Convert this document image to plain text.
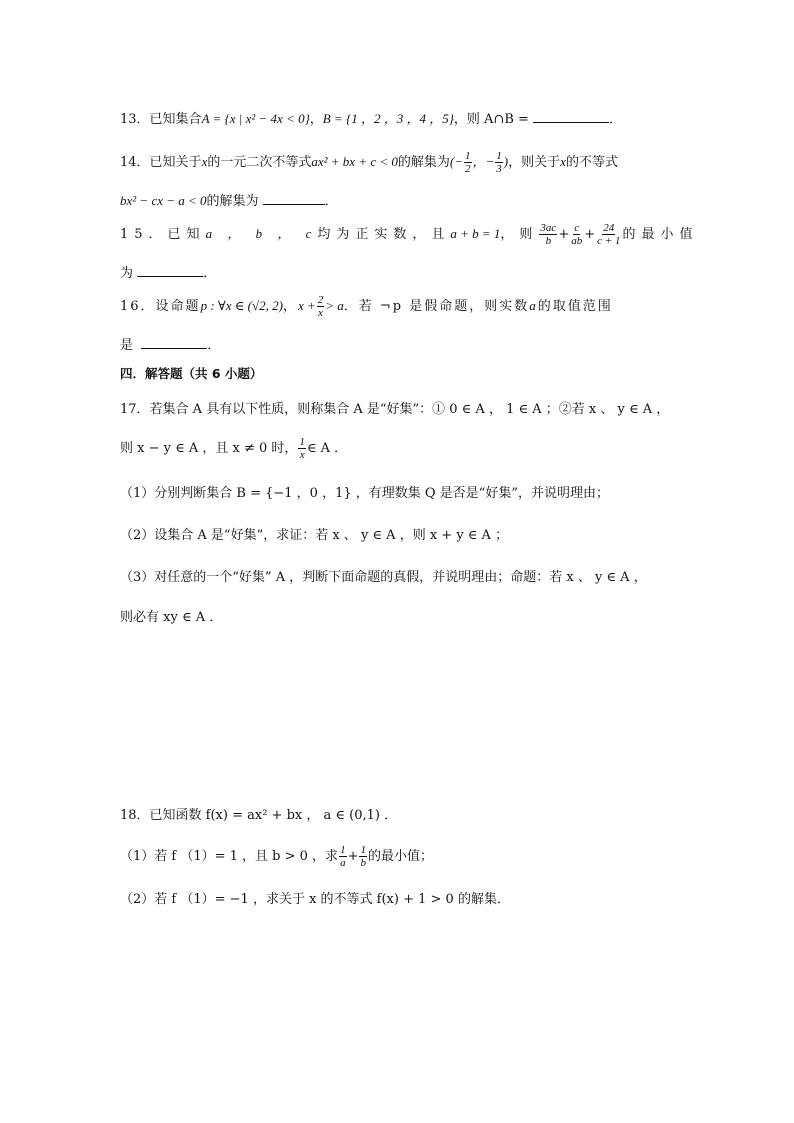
13．已知集合A = {x | x² − 4x < 0}，B = {1 ，2 ，3 ，4 ，5}，则 A∩B =	．
14．已知关于x的一元二次不等式ax² + bx + c < 0的解集为(− $\frac{1}{2}$ ，− $\frac{1}{3}$ )，则关于x的不等式
bx² − cx − a < 0的解集为	．
15．已知a ， b ， c均为正实数，且a + b = 1，则 $\frac{3ac}{b} + \frac{c}{ab} + \frac{24}{c + 1}$ 的最小值
为	．
16．设命题p : ∀x ∈ (√2, 2)，$x + \frac{2}{x} > a$．若 ¬p 是假命题，则实数a的取值范围
是	．
四．解答题（共 6 小题）
17．若集合 A 具有以下性质，则称集合 A 是“好集”：① 0 ∈ A ， 1 ∈ A ；②若 x 、 y ∈ A ，
则 x − y ∈ A ，且 x ≠ 0 时， $\frac{1}{x}$ ∈ A ．
（1）分别判断集合 B = {−1 ，0 ，1} ，有理数集 Q 是否是“好集”，并说明理由；
（2）设集合 A 是“好集”，求证：若 x 、 y ∈ A ，则 x + y ∈ A ；
（3）对任意的一个“好集” A ，判断下面命题的真假，并说明理由；命题：若 x 、 y ∈ A ，
则必有 xy ∈ A ．
18．已知函数 f(x) = ax² + bx ， a ∈ (0,1) ．
（1）若 f （1）= 1 ，且 b > 0 ，求 $\frac{1}{a} + \frac{1}{b}$ 的最小值；
（2）若 f （1）= −1 ，求关于 x 的不等式 f(x) + 1 > 0 的解集．
